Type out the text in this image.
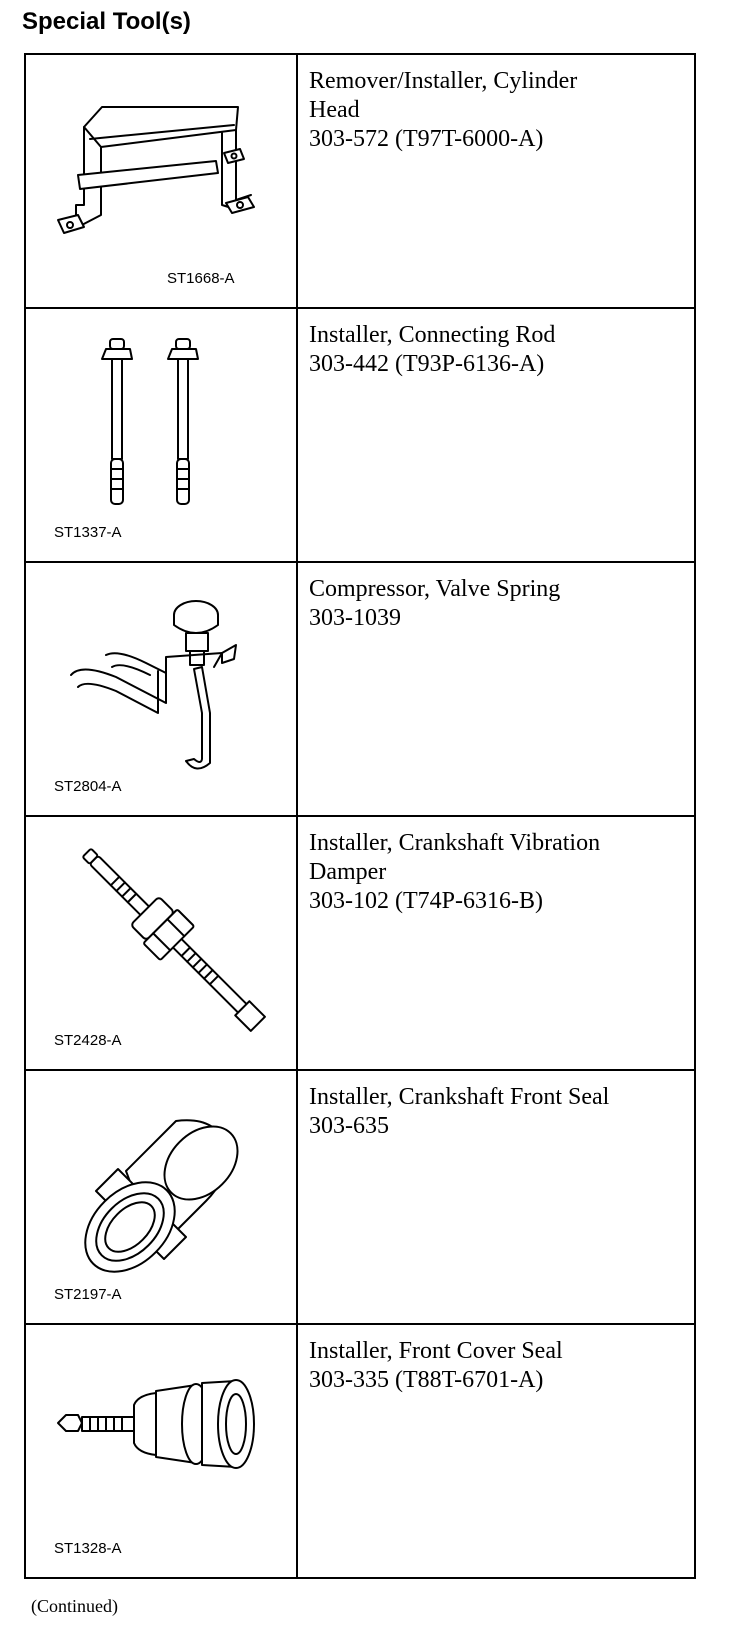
Special Tool(s)
ST1668-A	Remover/Installer, Cylinder
Head
303-572 (T97T-6000-A)

ST1337-A	Installer, Connecting Rod
303-442 (T93P-6136-A)

ST2804-A	Compressor, Valve Spring
303-1039

ST2428-A	Installer, Crankshaft Vibration
Damper
303-102 (T74P-6316-B)

ST2197-A	Installer, Crankshaft Front Seal
303-635

ST1328-A	Installer, Front Cover Seal
303-335 (T88T-6701-A)
(Continued)
